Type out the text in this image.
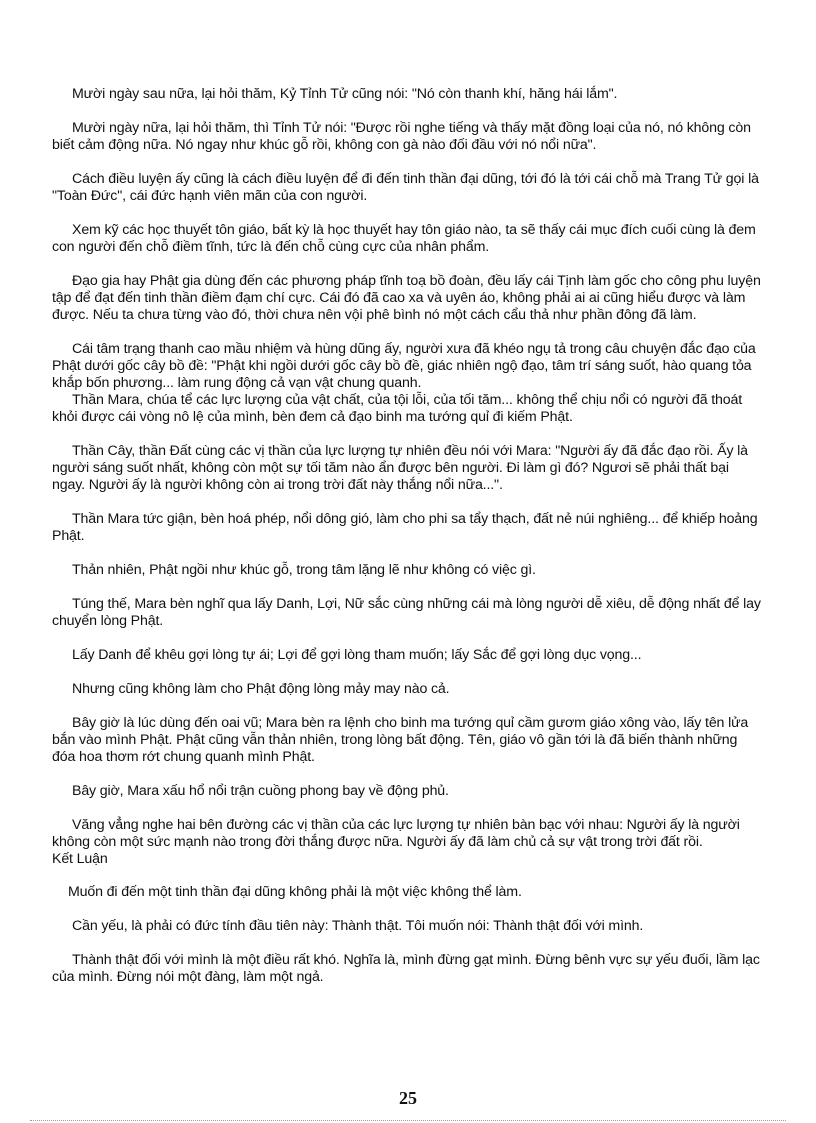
Mười ngày sau nữa, lại hỏi thăm, Kỷ Tỉnh Tử cũng nói: "Nó còn thanh khí, hăng hái lắm".

Mười ngày nữa, lại hỏi thăm, thì Tỉnh Tử nói: "Được rồi nghe tiếng và thấy mặt đồng loại của nó, nó không còn biết cảm động nữa. Nó ngay như khúc gỗ rồi, không con gà nào đối đầu với nó nổi nữa".

Cách điều luyện ấy cũng là cách điều luyện để đi đến tinh thần đại dũng, tới đó là tới cái chỗ mà Trang Tử gọi là "Toàn Đức", cái đức hạnh viên mãn của con người.

Xem kỹ các học thuyết tôn giáo, bất kỳ là học thuyết hay tôn giáo nào, ta sẽ thấy cái mục đích cuối cùng là đem con người đến chỗ điềm tĩnh, tức là đến chỗ cùng cực của nhân phẩm.

Đạo gia hay Phật gia dùng đến các phương pháp tĩnh toạ bồ đoàn, đều lấy cái Tịnh làm gốc cho công phu luyện tập để đạt đến tinh thần điềm đạm chí cực. Cái đó đã cao xa và uyên áo, không phải ai ai cũng hiểu được và làm được. Nếu ta chưa từng vào đó, thời chưa nên vội phê bình nó một cách cẩu thả như phần đông đã làm.

Cái tâm trạng thanh cao mầu nhiệm và hùng dũng ấy, người xưa đã khéo ngụ tả trong câu chuyện đắc đạo của Phật dưới gốc cây bồ đề: "Phật khi ngồi dưới gốc cây bồ đề, giác nhiên ngộ đạo, tâm trí sáng suốt, hào quang tỏa khắp bốn phương... làm rung động cả vạn vật chung quanh.

Thần Mara, chúa tể các lực lượng của vật chất, của tội lỗi, của tối tăm... không thể chịu nổi có người đã thoát khỏi được cái vòng nô lệ của mình, bèn đem cả đạo binh ma tướng quỉ đi kiếm Phật.

Thần Cây, thần Đất cùng các vị thần của lực lượng tự nhiên đều nói với Mara: "Người ấy đã đắc đạo rồi. Ấy là người sáng suốt nhất, không còn một sự tối tăm nào ẩn được bên người. Đi làm gì đó? Ngươi sẽ phải thất bại ngay. Người ấy là người không còn ai trong trời đất này thắng nổi nữa...".

Thần Mara tức giận, bèn hoá phép, nổi dông gió, làm cho phi sa tẩy thạch, đất nẻ núi nghiêng... để khiếp hoảng Phật.

Thản nhiên, Phật ngồi như khúc gỗ, trong tâm lặng lẽ như không có việc gì.

Túng thế, Mara bèn nghĩ qua lấy Danh, Lợi, Nữ sắc cùng những cái mà lòng người dễ xiêu, dễ động nhất để lay chuyển lòng Phật.

Lấy Danh để khêu gợi lòng tự ái; Lợi để gợi lòng tham muốn; lấy Sắc để gợi lòng dục vọng...

Nhưng cũng không làm cho Phật động lòng mảy may nào cả.

Bây giờ là lúc dùng đến oai vũ; Mara bèn ra lệnh cho binh ma tướng quỉ cầm gươm giáo xông vào, lấy tên lửa bắn vào mình Phật. Phật cũng vẫn thản nhiên, trong lòng bất động. Tên, giáo vô gần tới là đã biến thành những đóa hoa thơm rớt chung quanh mình Phật.

Bây giờ, Mara xấu hổ nổi trận cuồng phong bay về động phủ.

Văng vẳng nghe hai bên đường các vị thần của các lực lượng tự nhiên bàn bạc với nhau: Người ấy là người không còn một sức mạnh nào trong đời thắng được nữa. Người ấy đã làm chủ cả sự vật trong trời đất rồi.

Kết Luận

Muốn đi đến một tinh thần đại dũng không phải là một việc không thể làm.

Cần yếu, là phải có đức tính đầu tiên này: Thành thật. Tôi muốn nói: Thành thật đối với mình.

Thành thật đối với mình là một điều rất khó. Nghĩa là, mình đừng gạt mình. Đừng bênh vực sự yếu đuối, lầm lạc của mình. Đừng nói một đàng, làm một ngả.

25
